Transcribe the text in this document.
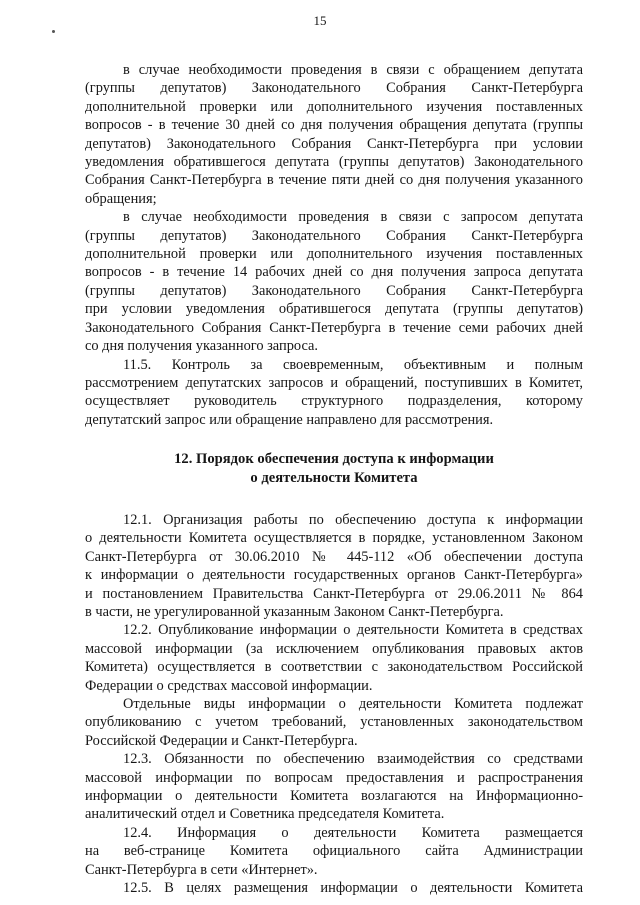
15
в случае необходимости проведения в связи с обращением депутата
(группы депутатов) Законодательного Собрания Санкт-Петербурга
дополнительной проверки или дополнительного изучения поставленных
вопросов - в течение 30 дней со дня получения обращения депутата (группы
депутатов) Законодательного Собрания Санкт-Петербурга при условии
уведомления обратившегося депутата (группы депутатов) Законодательного
Собрания Санкт-Петербурга в течение пяти дней со дня получения указанного
обращения;
в случае необходимости проведения в связи с запросом депутата
(группы депутатов) Законодательного Собрания Санкт-Петербурга
дополнительной проверки или дополнительного изучения поставленных
вопросов - в течение 14 рабочих дней со дня получения запроса депутата
(группы депутатов) Законодательного Собрания Санкт-Петербурга
при условии уведомления обратившегося депутата (группы депутатов)
Законодательного Собрания Санкт-Петербурга в течение семи рабочих дней
со дня получения указанного запроса.
11.5. Контроль за своевременным, объективным и полным
рассмотрением депутатских запросов и обращений, поступивших в Комитет,
осуществляет руководитель структурного подразделения, которому
депутатский запрос или обращение направлено для рассмотрения.
12. Порядок обеспечения доступа к информации
о деятельности Комитета
12.1. Организация работы по обеспечению доступа к информации
о деятельности Комитета осуществляется в порядке, установленном Законом
Санкт-Петербурга от 30.06.2010 № 445-112 «Об обеспечении доступа
к информации о деятельности государственных органов Санкт-Петербурга»
и постановлением Правительства Санкт-Петербурга от 29.06.2011 № 864
в части, не урегулированной указанным Законом Санкт-Петербурга.
12.2. Опубликование информации о деятельности Комитета в средствах
массовой информации (за исключением опубликования правовых актов
Комитета) осуществляется в соответствии с законодательством Российской
Федерации о средствах массовой информации.
Отдельные виды информации о деятельности Комитета подлежат
опубликованию с учетом требований, установленных законодательством
Российской Федерации и Санкт-Петербурга.
12.3. Обязанности по обеспечению взаимодействия со средствами
массовой информации по вопросам предоставления и распространения
информации о деятельности Комитета возлагаются на Информационно-
аналитический отдел и Советника председателя Комитета.
12.4. Информация о деятельности Комитета размещается
на веб-странице Комитета официального сайта Администрации
Санкт-Петербурга в сети «Интернет».
12.5. В целях размещения информации о деятельности Комитета
